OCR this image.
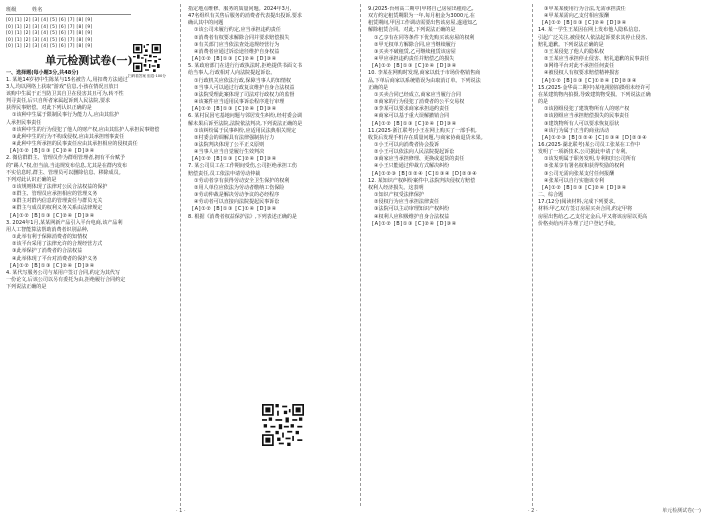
班级	姓名
[0] [1] [2] [3] [4] [5] [6] [7] [8] [9]
[0] [1] [2] [3] [4] [5] [6] [7] [8] [9]
[0] [1] [2] [3] [4] [5] [6] [7] [8] [9]
[0] [1] [2] [3] [4] [5] [6] [7] [8] [9]
[0] [1] [2] [3] [4] [5] [6] [7] [8] [9]
单元检测试卷(一)
一、选择题(每小题3分,共48分)
1. 某地14岁初中生陈某与15名被告人,用扣费方法通过
3人,均以网络上获取“游戏”信息,小孩在情况且放日
该购中生属于正当防卫其自卫在侵害其且可为,转不性
判寻责任,后只自所者家属起诉到人民法院,要求
获得民事赔偿。对此下列认识正确的是
①该种中生属于限制民事行为能力人,应由其监护
人承担民事责任
②该种中生的行为侵犯了他人的财产权,应由其监护人承担民事赔偿
③此种中生的行为不构成侵权,应由其承担刑事责任
④此种中生所承担的民事责任应由其承担相应的侵权责任
[A]①② [B]①③ [C]②④ [D]③④
2. 微信群群主、管理员作为群组管理者,拥有平台赋予
的“踢人”权,但当前,当违规发布信息,尤其是在群内发布
不实信息时,群主、管理员可以删除信息、移除成员。
下列对此认识正确的是
①该规则体现了法律对公民合法权益的保护
②群主、管理员应承担相应的管理义务
③群主对群内信息的管理责任与群员无关
④群主与成员的权利义务关系由法律规定
[A]①② [B]①③ [C]②④ [D]③④
3. 2024年1月,某某网新产品引入平台电商,该产品利
用人工智能算法帮助消费者识别品种,
①此举有利于保障消费者的知情权
②该平台采用了法律允许的合规经营方式
③此举保护了消费者的合法权益
④此举体现了平台对消费者的保护义务
[A]①② [B]①③ [C]②④ [D]③④
4. 某代写服务公司与某用户签订合同,约定为其代写
一份论文,后该公司以另有委托为由,拒绝履行合同约定
下列说法正确的是
扫码看答案 组卷·100分
指定地点维修、服务的质量问题。2024年3月,
47名组织有关售后服务的消费者代表提出投诉,要求
确认其中的问题
①该公司未履行约定,应当承担违约责任
②消费者有权要求解除合同并要求赔偿损失
③有关部门应当依法查处违规经营行为
④消费者应通过诉讼途径维护自身权益
[A]①② [B]①③ [C]②④ [D]③④
5. 某政府部门在进行行政执法时,拒绝提供书面文书
给当事人,行政相对人向法院提起诉讼。
①行政机关应依法行政,保障当事人的知情权
②当事人可以通过行政复议维护自身合法权益
③法院受理此案体现了司法对行政权力的监督
④该案件应当适用民事诉讼程序进行审理
[A]①② [B]①③ [C]②④ [D]③④
6. 某村民因宅基地问题与邻居发生纠纷,经村委会调
解未果后诉至法院,法院依法判决,下列说法正确的是
①该纠纷属于民事纠纷,应适用民法典相关规定
②村委会的调解具有法律强制执行力
③法院判决体现了公平正义原则
④当事人应当自觉履行生效判决
[A]①② [B]①③ [C]②④ [D]③④
7. 某公司员工在工作期间受伤,公司拒绝承担工伤
赔偿责任,员工依法申请劳动仲裁
①劳动者享有获得劳动安全卫生保护的权利
②用人单位应依法为劳动者缴纳工伤保险
③劳动仲裁是解决劳动争议的必经程序
④劳动者可以直接向法院提起民事诉讼
[A]①② [B]①③ [C]①④ [D]③④
8. 根据《消费者权益保护法》,下列表述正确的是
· 1 ·
9.(2025·台州高二期中)甲将自己房屋出租给乙,
双方约定租赁期限为一年,每月租金为3000元,在
租赁期间,甲因工作调动需要出售该房屋,遂通知乙
解除租赁合同。对此,下列说法正确的是
①乙享有在同等条件下优先购买该房屋的权利
②甲无权单方解除合同,应当继续履行
③买卖不破租赁,乙可继续租赁该房屋
④甲应承担违约责任并赔偿乙的损失
[A]①② [B]①③ [C]②④ [D]③④
10. 李某在网购时发现,商家以低于市场价格销售商
品,下单后商家以系统错误为由取消订单。下列说法
正确的是
①买卖合同已经成立,商家应当履行合同
②商家的行为侵犯了消费者的公平交易权
③李某可以要求商家承担违约责任
④商家可以基于重大误解撤销合同
[A]①② [B]①③ [C]②④ [D]③④
11.(2025·浙江联考)小王在网上购买了一部手机,
收货后发现手机存在质量问题,与商家协商退货未果。
①小王可以向消费者协会投诉
②小王可以依法向人民法院提起诉讼
③商家应当承担修理、更换或退货的责任
④小王只能通过仲裁方式解决纠纷
[A]①②③ [B]①②④ [C]①③④ [D]②③④
12. 某知识产权纠纷案件中,法院判决侵权方赔偿
权利人经济损失。这表明
①知识产权受法律保护
②侵权行为应当承担法律责任
③法院可以主动审理知识产权纠纷
④权利人应积极维护自身合法权益
[A]①② [B]①③ [C]②④ [D]③④
③甲某某使用行为合法,无需承担责任
④甲某某需向乙支付相应报酬
[A]①② [B]①③ [C]②④ [D]③④
14. 某一学生王某因在网上发布他人隐私信息,
引起广泛关注,被侵权人依法起诉要求其停止侵害、
赔礼道歉。下列说法正确的是
①王某侵犯了他人的隐私权
②王某应当承担停止侵害、赔礼道歉的民事责任
③网络平台对此不承担任何责任
④被侵权人有权要求赔偿精神损害
[A]①② [B]①③ [C]①②④ [D]②③④
15.(2025·金华高二期中)某电视剧拍摄组未经许可
在某建筑物内拍摄,导致建筑物受损。下列说法正确
的是
①该剧组侵犯了建筑物所有人的财产权
②该剧组应当承担赔偿损失的民事责任
③建筑物所有人可以要求恢复原状
④该行为属于正当的商业活动
[A]①②③ [B]①②④ [C]①③④ [D]②③④
16.(2025·湖北联考)某公司员工张某在工作中
发明了一项新技术,公司据此申请了专利。
①该发明属于职务发明,专利权归公司所有
②张某享有署名权和获得奖励的权利
③公司无需向张某支付任何报酬
④张某可以自行实施该专利
[A]①② [B]①③ [C]②④ [D]③④
二、综合题
17.(12分)阅读材料,完成下列要求。
材料:甲乙双方签订房屋买卖合同,约定甲将
房屋出售给乙,乙支付定金后,甲又将该房屋以更高
价格卖给丙并办理了过户登记手续。
· 2 ·	单元检测试卷(一)
